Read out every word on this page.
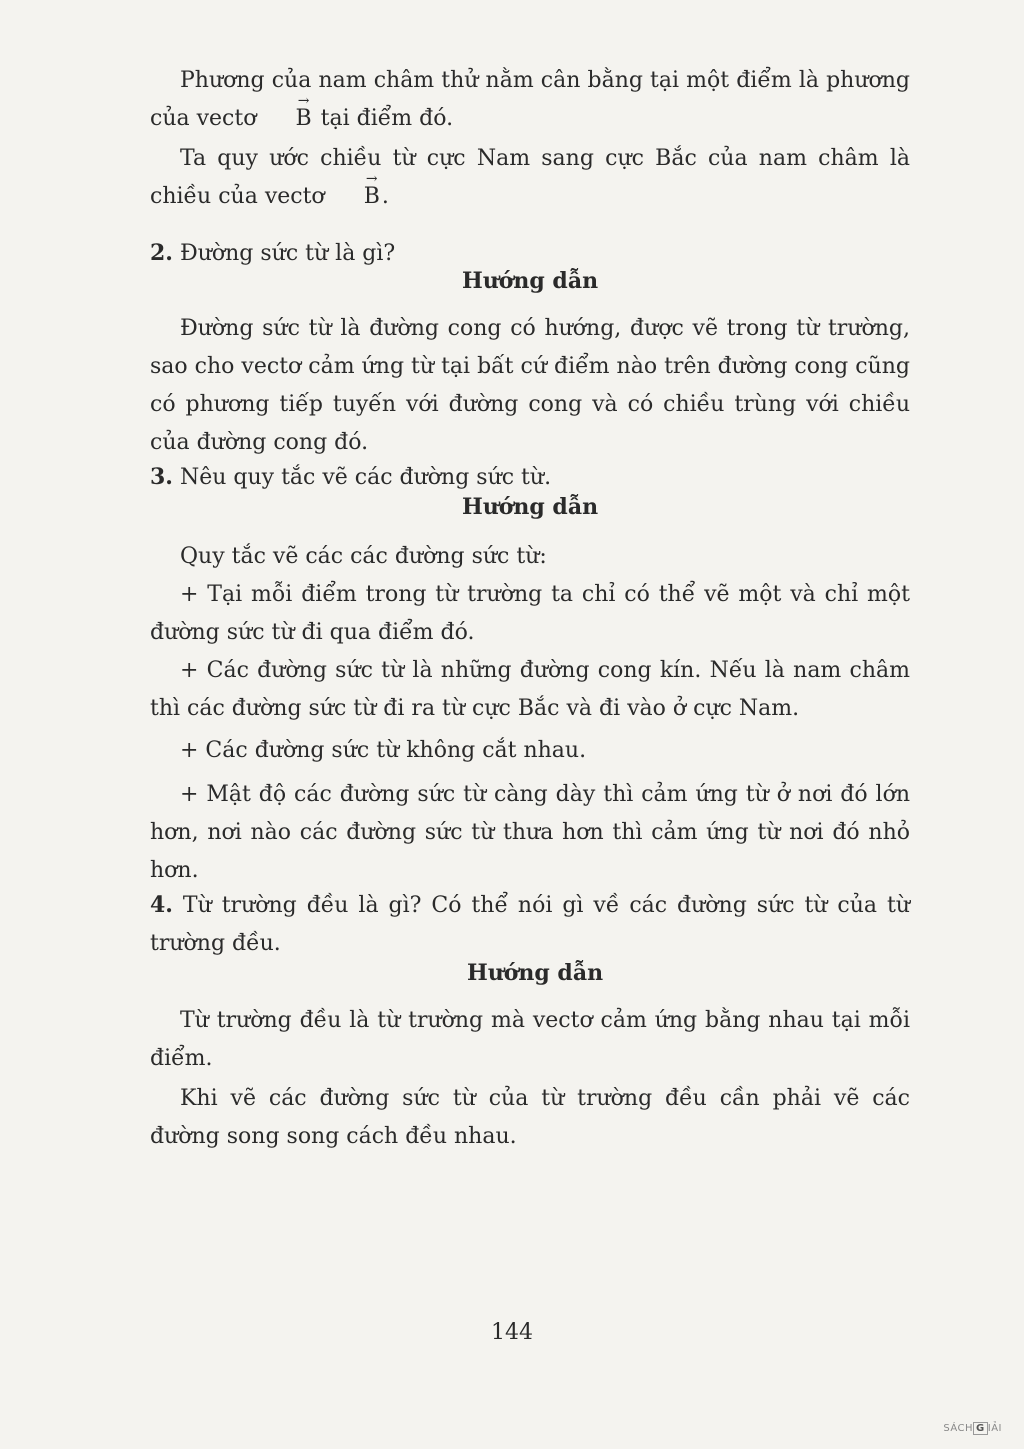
Phương của nam châm thử nằm cân bằng tại một điểm là phương của vectơ
→
B tại điểm đó.

Ta quy ước chiều từ cực Nam sang cực Bắc của nam châm là chiều của vectơ
→
B.

2. Đường sức từ là gì?

Hướng dẫn

Đường sức từ là đường cong có hướng, được vẽ trong từ trường, sao cho vectơ cảm ứng từ tại bất cứ điểm nào trên đường cong cũng có phương tiếp tuyến với đường cong và có chiều trùng với chiều của đường cong đó.

3. Nêu quy tắc vẽ các đường sức từ.

Hướng dẫn

Quy tắc vẽ các các đường sức từ:

+ Tại mỗi điểm trong từ trường ta chỉ có thể vẽ một và chỉ một đường sức từ đi qua điểm đó.

+ Các đường sức từ là những đường cong kín. Nếu là nam châm thì các đường sức từ đi ra từ cực Bắc và đi vào ở cực Nam.

+ Các đường sức từ không cắt nhau.

+ Mật độ các đường sức từ càng dày thì cảm ứng từ ở nơi đó lớn hơn, nơi nào các đường sức từ thưa hơn thì cảm ứng từ nơi đó nhỏ hơn.

4. Từ trường đều là gì? Có thể nói gì về các đường sức từ của từ trường đều.

Hướng dẫn

Từ trường đều là từ trường mà vectơ cảm ứng bằng nhau tại mỗi điểm.

Khi vẽ các đường sức từ của từ trường đều cần phải vẽ các đường song song cách đều nhau.

144
SÁCH G IẢI
